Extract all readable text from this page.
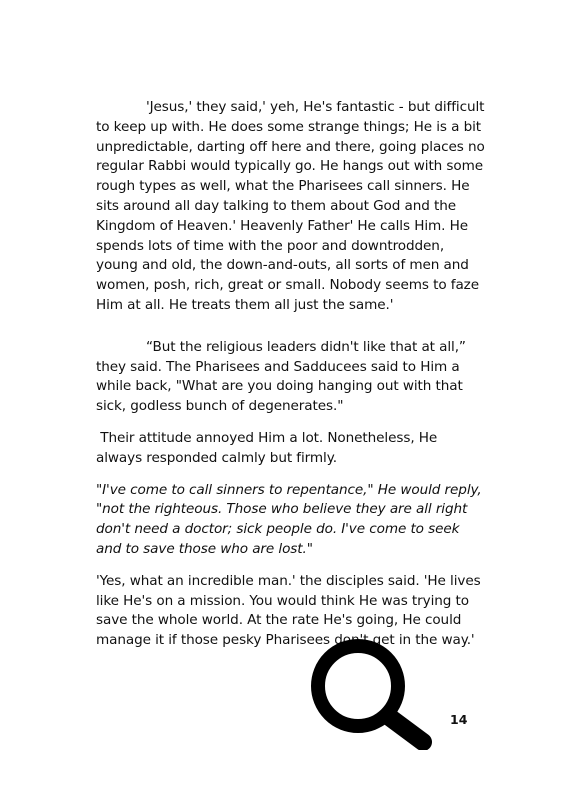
'Jesus,' they said,' yeh, He's fantastic - but difficult to keep up with. He does some strange things; He is a bit unpredictable, darting off here and there, going places no regular Rabbi would typically go. He hangs out with some rough types as well, what the Pharisees call sinners. He sits around all day talking to them about God and the Kingdom of Heaven.' Heavenly Father' He calls Him. He spends lots of time with the poor and downtrodden, young and old, the down-and-outs, all sorts of men and women, posh, rich, great or small. Nobody seems to faze Him at all. He treats them all just the same.'

“But the religious leaders didn't like that at all,” they said. The Pharisees and Sadducees said to Him a while back, "What are you doing hanging out with that sick, godless bunch of degenerates."

Their attitude annoyed Him a lot. Nonetheless, He always responded calmly but firmly.

"I've come to call sinners to repentance," He would reply, "not the righteous. Those who believe they are all right don't need a doctor; sick people do. I've come to seek and to save those who are lost."

'Yes, what an incredible man.' the disciples said. 'He lives like He's on a mission. You would think He was trying to save the whole world. At the rate He's going, He could manage it if those pesky Pharisees don't get in the way.'

14
